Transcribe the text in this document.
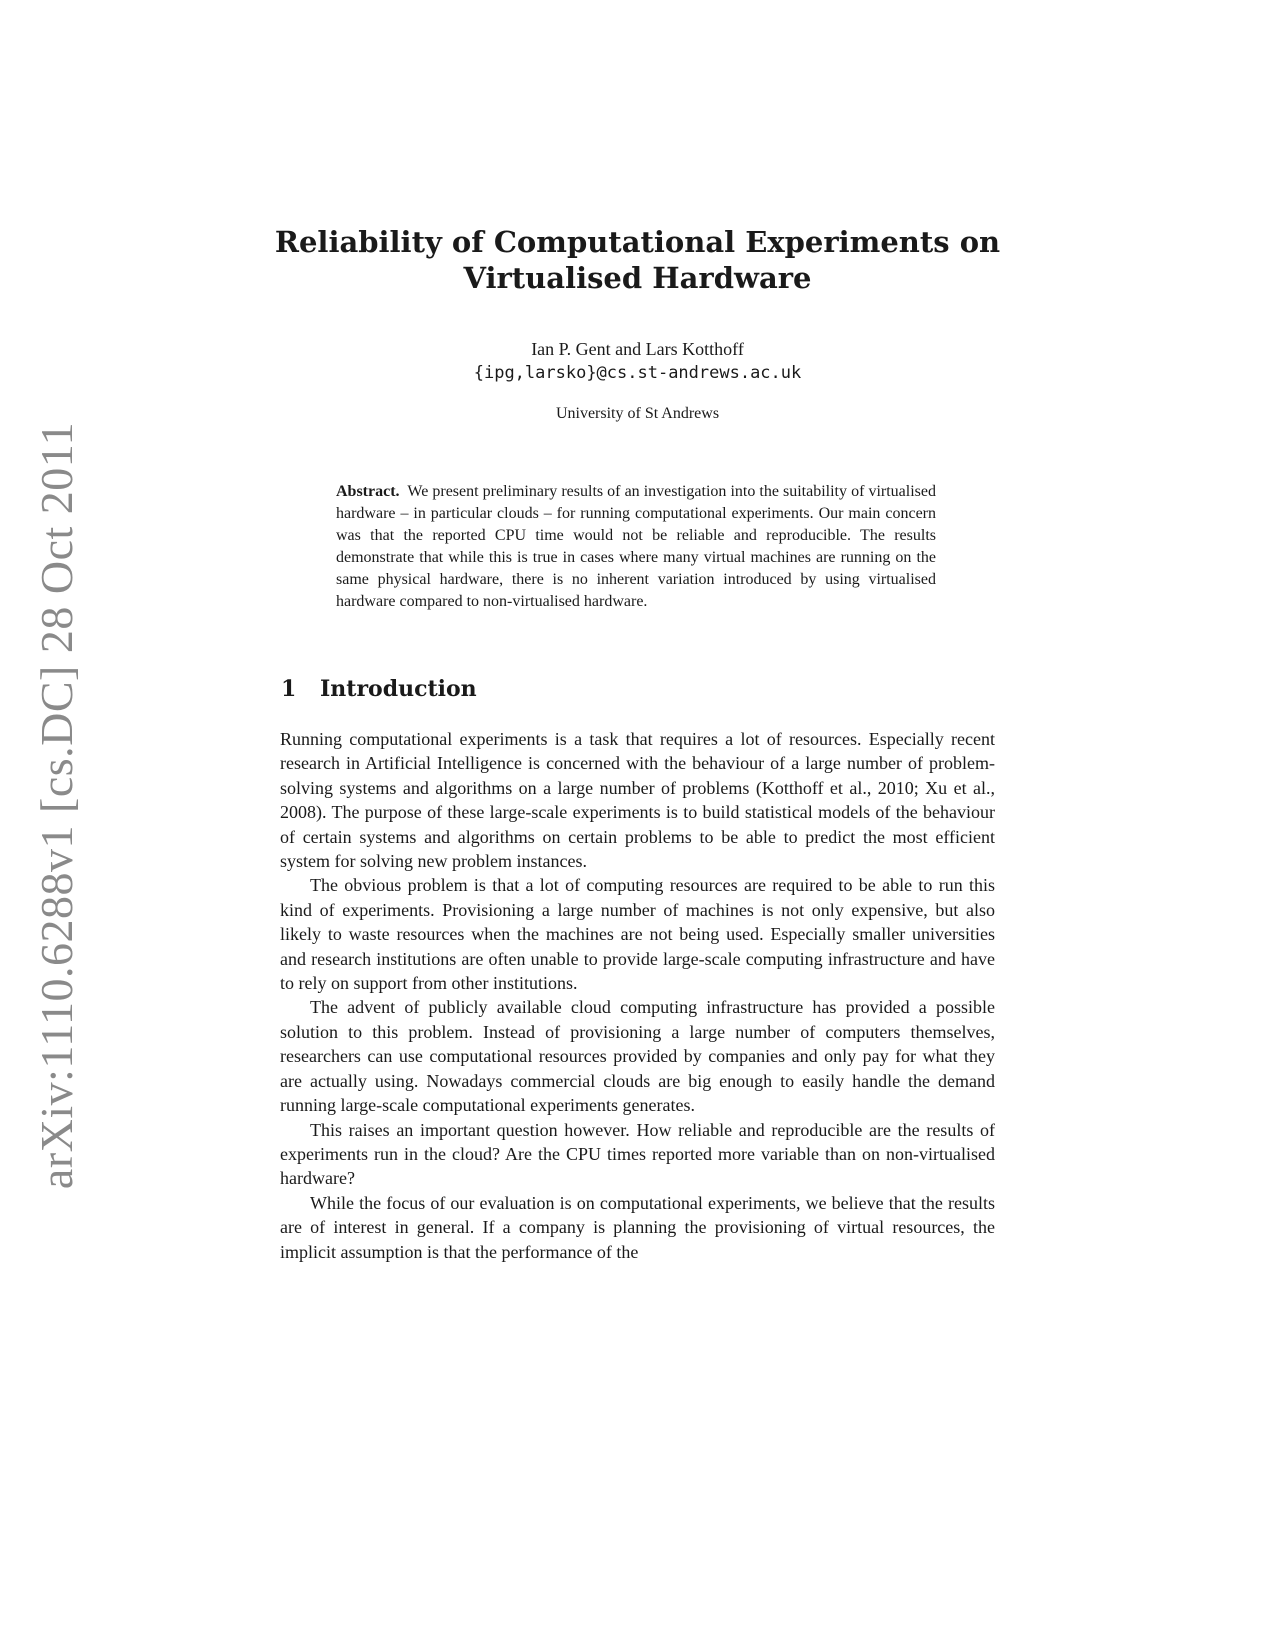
arXiv:1110.6288v1 [cs.DC] 28 Oct 2011
Reliability of Computational Experiments on
Virtualised Hardware
Ian P. Gent and Lars Kotthoff
{ipg,larsko}@cs.st-andrews.ac.uk
University of St Andrews

Abstract. We present preliminary results of an investigation into the suitability of virtualised hardware – in particular clouds – for running computational experiments. Our main concern was that the reported CPU time would not be reliable and reproducible. The results demonstrate that while this is true in cases where many virtual machines are running on the same physical hardware, there is no inherent variation introduced by using virtualised hardware compared to non-virtualised hardware.

1 Introduction

Running computational experiments is a task that requires a lot of resources. Especially recent research in Artificial Intelligence is concerned with the behaviour of a large number of problem-solving systems and algorithms on a large number of problems (Kotthoff et al., 2010; Xu et al., 2008). The purpose of these large-scale experiments is to build statistical models of the behaviour of certain systems and algorithms on certain problems to be able to predict the most efficient system for solving new problem instances.

The obvious problem is that a lot of computing resources are required to be able to run this kind of experiments. Provisioning a large number of machines is not only expensive, but also likely to waste resources when the machines are not being used. Especially smaller universities and research institutions are often unable to provide large-scale computing infrastructure and have to rely on support from other institutions.

The advent of publicly available cloud computing infrastructure has provided a possible solution to this problem. Instead of provisioning a large number of computers themselves, researchers can use computational resources provided by companies and only pay for what they are actually using. Nowadays commercial clouds are big enough to easily handle the demand running large-scale computational experiments generates.

This raises an important question however. How reliable and reproducible are the results of experiments run in the cloud? Are the CPU times reported more variable than on non-virtualised hardware?

While the focus of our evaluation is on computational experiments, we believe that the results are of interest in general. If a company is planning the provisioning of virtual resources, the implicit assumption is that the performance of the
